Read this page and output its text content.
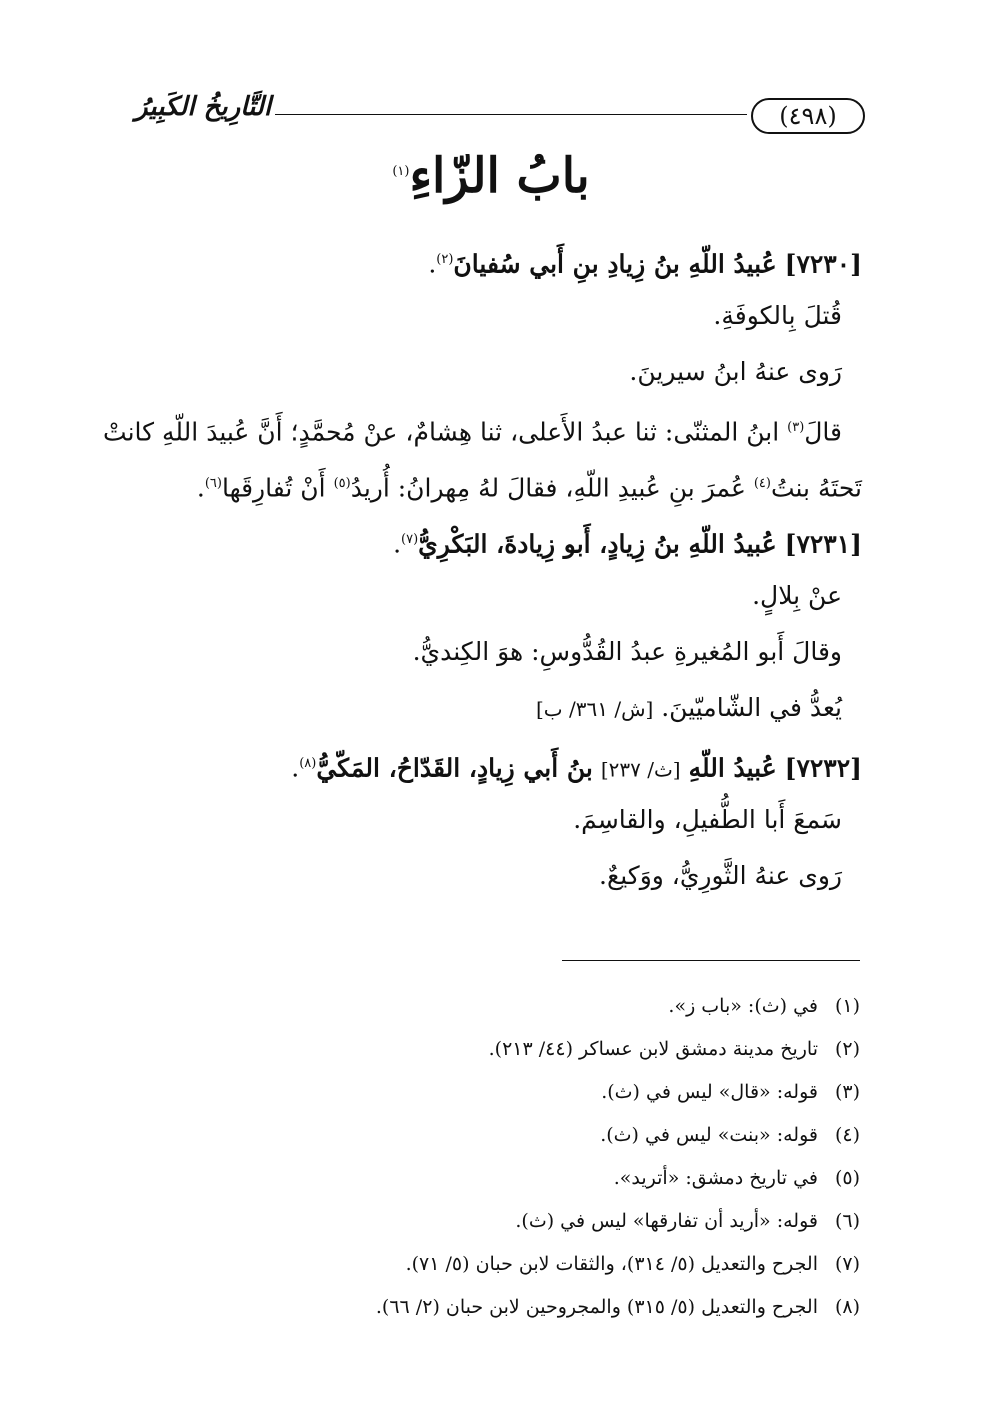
(٤٩٨)
التَّارِيخُ الكَبِيرُ
بابُ الزّاءِ$^{(١)}$
[٧٢٣٠] عُبيدُ اللّهِ بنُ زِيادِ بنِ أَبي سُفيانَ$^{(٢)}$.
قُتلَ بِالكوفَةِ.
رَوى عنهُ ابنُ سيرينَ.
قالَ$^{(٣)}$ ابنُ المثنّى: ثنا عبدُ الأَعلى، ثنا هِشامٌ، عنْ مُحمَّدٍ؛ أَنَّ عُبيدَ اللّهِ كانتْ
تَحتَهُ بنتُ$^{(٤)}$ عُمرَ بنِ عُبيدِ اللّهِ، فقالَ لهُ مِهرانُ: أُريدُ$^{(٥)}$ أَنْ تُفارِقَها$^{(٦)}$.
[٧٢٣١] عُبيدُ اللّهِ بنُ زِيادٍ، أَبو زِيادةَ، البَكْرِيُّ$^{(٧)}$.
عنْ بِلالٍ.
وقالَ أَبو المُغيرةِ عبدُ القُدُّوسِ: هوَ الكِنديُّ.
يُعدُّ في الشّاميّينَ. [ش/ ٣٦١/ ب]
[٧٢٣٢] عُبيدُ اللّهِ [ث/ ٢٣٧] بنُ أَبي زِيادٍ، القَدّاحُ، المَكّيُّ$^{(٨)}$.
سَمعَ أَبا الطُّفيلِ، والقاسِمَ.
رَوى عنهُ الثَّورِيُّ، ووَكيعٌ.
(١)في (ث): «باب ز».
(٢)تاريخ مدينة دمشق لابن عساكر (٤٤/ ٢١٣).
(٣)قوله: «قال» ليس في (ث).
(٤)قوله: «بنت» ليس في (ث).
(٥)في تاريخ دمشق: «أتريد».
(٦)قوله: «أريد أن تفارقها» ليس في (ث).
(٧)الجرح والتعديل (٥/ ٣١٤)، والثقات لابن حبان (٥/ ٧١).
(٨)الجرح والتعديل (٥/ ٣١٥) والمجروحين لابن حبان (٢/ ٦٦).
